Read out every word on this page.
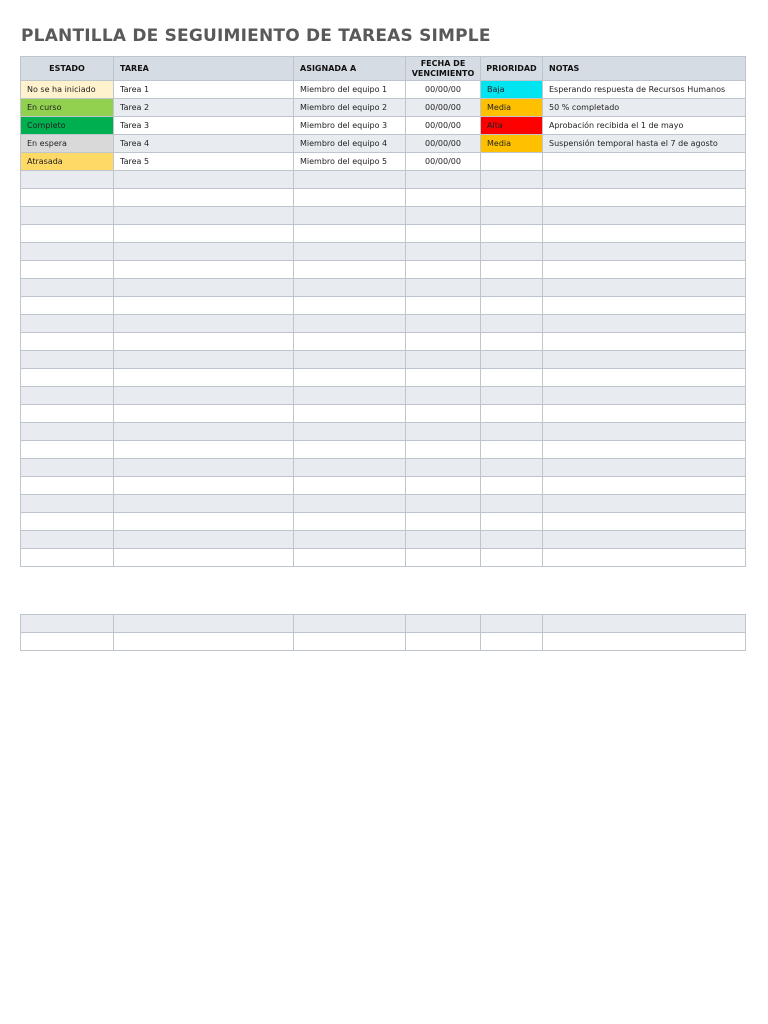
PLANTILLA DE SEGUIMIENTO DE TAREAS SIMPLE
ESTADO	TAREA	ASIGNADA A	FECHA DE VENCIMIENTO	PRIORIDAD	NOTAS
No se ha iniciado	Tarea 1	Miembro del equipo 1	00/00/00	Baja	Esperando respuesta de Recursos Humanos
En curso	Tarea 2	Miembro del equipo 2	00/00/00	Media	50 % completado
Completo	Tarea 3	Miembro del equipo 3	00/00/00	Alta	Aprobación recibida el 1 de mayo
En espera	Tarea 4	Miembro del equipo 4	00/00/00	Media	Suspensión temporal hasta el 7 de agosto
Atrasada	Tarea 5	Miembro del equipo 5	00/00/00		
